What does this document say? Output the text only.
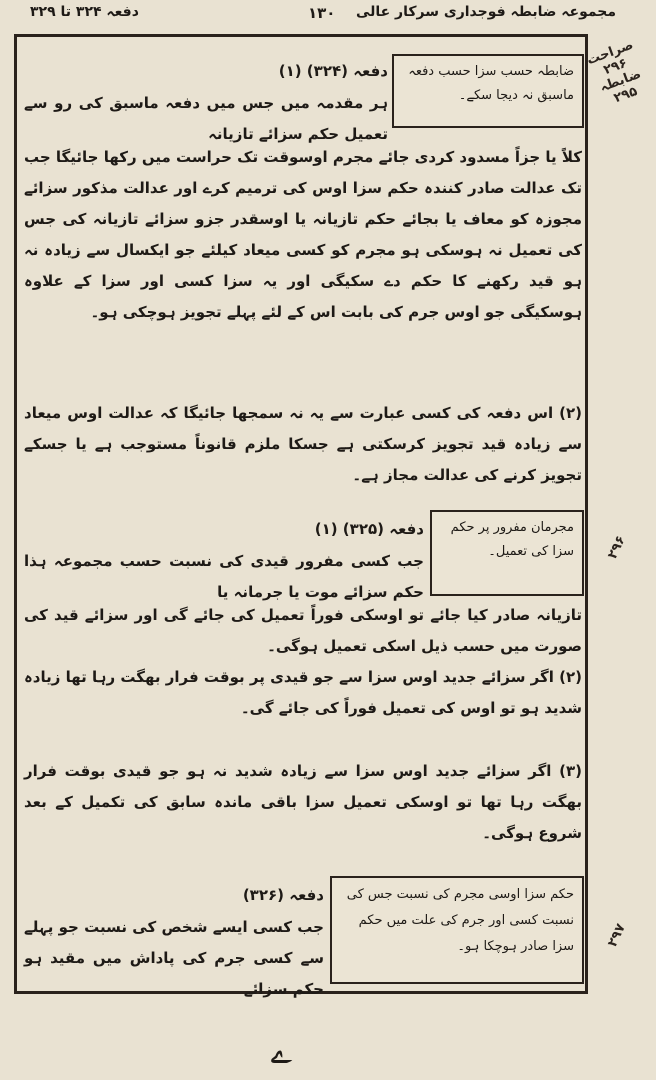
دفعہ ۳۲۴ تا ۳۲۹	۱۳۰ مجموعہ ضابطہ فوجداری سرکار عالی
صراحت ۲۹۶ ضابطہ ۲۹۵
۲۹۶
۲۹۷
ضابطہ حسب سزا حسب دفعہ ماسبق نہ دیجا سکے۔
دفعہ (۳۲۴) (۱)
ہر مقدمہ میں جس میں دفعہ ماسبق کی رو سے تعمیل حکم سزائے تازیانہ
کلاً یا جزاً مسدود کردی جائے مجرم اوسوقت تک حراست میں رکھا جائیگا جب تک عدالت صادر کنندہ حکم سزا اوس کی ترمیم کرے اور عدالت مذکور سزائے مجوزہ کو معاف یا بجائے حکم تازیانہ یا اوسقدر جزو سزائے تازیانہ کی جس کی تعمیل نہ ہوسکی ہو مجرم کو کسی میعاد کیلئے جو ایکسال سے زیادہ نہ ہو قید رکھنے کا حکم دے سکیگی اور یہ سزا کسی اور سزا کے علاوہ ہوسکیگی جو اوس جرم کی بابت اس کے لئے پہلے تجویز ہوچکی ہو۔
(۲) اس دفعہ کی کسی عبارت سے یہ نہ سمجھا جائیگا کہ عدالت اوس میعاد سے زیادہ قید تجویز کرسکتی ہے جسکا ملزم قانوناً مستوجب ہے یا جسکے تجویز کرنے کی عدالت مجاز ہے۔
مجرمان مفرور پر حکم سزا کی تعمیل۔
دفعہ (۳۲۵) (۱)
جب کسی مفرور قیدی کی نسبت حسب مجموعہ ہذا حکم سزائے موت یا جرمانہ یا
تازیانہ صادر کیا جائے تو اوسکی فوراً تعمیل کی جائے گی اور سزائے قید کی صورت میں حسب ذیل اسکی تعمیل ہوگی۔
(۲) اگر سزائے جدید اوس سزا سے جو قیدی پر بوقت فرار بھگت رہا تھا زیادہ شدید ہو تو اوس کی تعمیل فوراً کی جائے گی۔
(۳) اگر سزائے جدید اوس سزا سے زیادہ شدید نہ ہو جو قیدی بوقت فرار بھگت رہا تھا تو اوسکی تعمیل سزا باقی ماندہ سابق کی تکمیل کے بعد شروع ہوگی۔
حکم سزا اوسی مجرم کی نسبت جس کی نسبت کسی اور جرم کی علت میں حکم سزا صادر ہوچکا ہو۔
دفعہ (۳۲۶)
جب کسی ایسے شخص کی نسبت جو پہلے سے کسی جرم کی پاداش میں مقید ہو حکم سزائے
ﮮ
